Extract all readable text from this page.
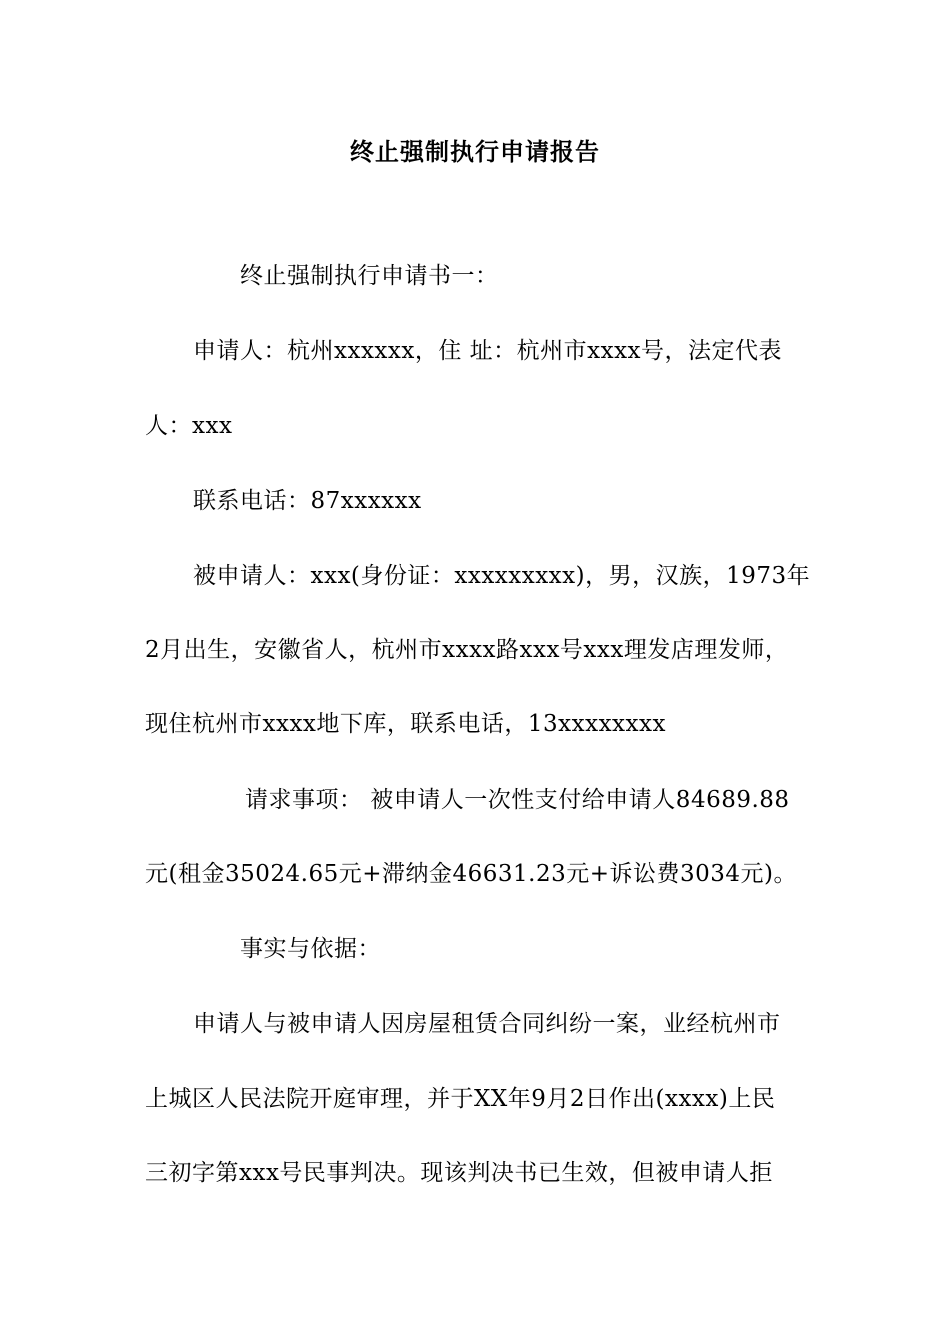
终止强制执行申请报告
终止强制执行申请书一：
申请人：杭州xxxxxx，住 址：杭州市xxxx号，法定代表
人：xxx
联系电话：87xxxxxx
被申请人：xxx(身份证：xxxxxxxxx)，男，汉族，1973年
2月出生，安徽省人，杭州市xxxx路xxx号xxx理发店理发师，
现住杭州市xxxx地下库，联系电话，13xxxxxxxx
请求事项： 被申请人一次性支付给申请人84689.88
元(租金35024.65元+滞纳金46631.23元+诉讼费3034元)。
事实与依据：
申请人与被申请人因房屋租赁合同纠纷一案，业经杭州市
上城区人民法院开庭审理，并于XX年9月2日作出(xxxx)上民
三初字第xxx号民事判决。现该判决书已生效，但被申请人拒
